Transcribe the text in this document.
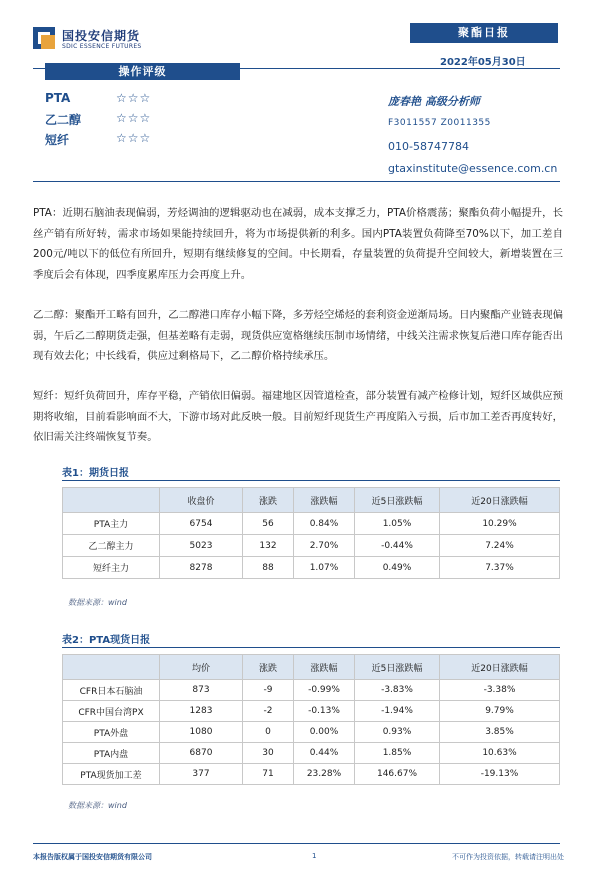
国投安信期货
SDIC ESSENCE FUTURES
聚酯日报
2022年05月30日
操作评级
PTA	☆☆☆
乙二醇	☆☆☆
短纤	☆☆☆
庞春艳 高级分析师
F3011557 Z0011355
010-58747784
gtaxinstitute@essence.com.cn
PTA：近期石脑油表现偏弱，芳烃调油的逻辑驱动也在减弱，成本支撑乏力，PTA价格震荡；聚酯负荷小幅提升，长丝产销有所好转，需求市场如果能持续回升，将为市场提供新的利多。国内PTA装置负荷降至70%以下，加工差自200元/吨以下的低位有所回升，短期有继续修复的空间。中长期看，存量装置的负荷提升空间较大，新增装置在三季度后会有体现，四季度累库压力会再度上升。
乙二醇：聚酯开工略有回升，乙二醇港口库存小幅下降，多芳烃空烯烃的套利资金逆渐局场。日内聚酯产业链表现偏弱，午后乙二醇期货走强，但基差略有走弱，现货供应宽格继续压制市场情绪，中线关注需求恢复后港口库存能否出现有效去化；中长线看，供应过剩格局下，乙二醇价格持续承压。
短纤：短纤负荷回升，库存平稳，产销依旧偏弱。福建地区因管道检查，部分装置有减产检修计划，短纤区域供应预期将收缩，目前看影响面不大，下游市场对此反映一般。目前短纤现货生产再度陷入亏损，后市加工差否再度转好，依旧需关注终端恢复节奏。
表1：期货日报
	收盘价	涨跌	涨跌幅	近5日涨跌幅	近20日涨跌幅
PTA主力	6754	56	0.84%	1.05%	10.29%
乙二醇主力	5023	132	2.70%	-0.44%	7.24%
短纤主力	8278	88	1.07%	0.49%	7.37%
数据来源：wind
表2：PTA现货日报
	均价	涨跌	涨跌幅	近5日涨跌幅	近20日涨跌幅
CFR日本石脑油	873	-9	-0.99%	-3.83%	-3.38%
CFR中国台湾PX	1283	-2	-0.13%	-1.94%	9.79%
PTA外盘	1080	0	0.00%	0.93%	3.85%
PTA内盘	6870	30	0.44%	1.85%	10.63%
PTA现货加工差	377	71	23.28%	146.67%	-19.13%
数据来源：wind
本报告版权属于国投安信期货有限公司	1	不可作为投资依据，转载请注明出处
